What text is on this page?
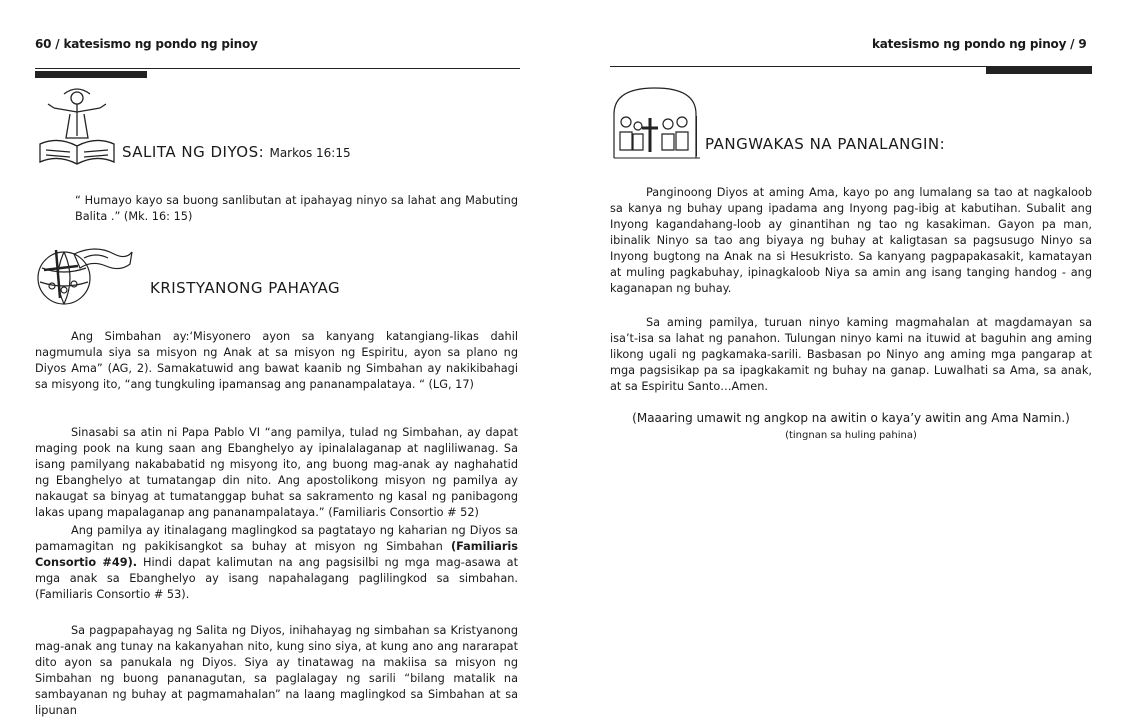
60 / katesismo ng pondo ng pinoy
SALITA NG DIYOS: Markos 16:15

“ Humayo kayo sa buong sanlibutan at ipahayag ninyo sa lahat ang Mabuting Balita .” (Mk. 16: 15)

KRISTYANONG PAHAYAG

Ang Simbahan ay:‘Misyonero ayon sa kanyang katangiang-likas dahil nagmumula siya sa misyon ng Anak at sa misyon ng Espiritu, ayon sa plano ng Diyos Ama” (AG, 2). Samakatuwid ang bawat kaanib ng Simbahan ay nakikibahagi sa misyong ito, “ang tungkuling ipamansag ang pananampalataya. “ (LG, 17)

Sinasabi sa atin ni Papa Pablo VI “ang pamilya, tulad ng Simbahan, ay dapat maging pook na kung saan ang Ebanghelyo ay ipinalalaganap at nagliliwanag. Sa isang pamilyang nakababatid ng misyong ito, ang buong mag-anak ay naghahatid ng Ebanghelyo at tumatangap din nito. Ang apostolikong misyon ng pamilya ay nakaugat sa binyag at tumatanggap buhat sa sakramento ng kasal ng panibagong lakas upang mapalaganap ang pananampalataya.” (Familiaris Consortio # 52)

Ang pamilya ay itinalagang maglingkod sa pagtatayo ng kaharian ng Diyos sa pamamagitan ng pakikisangkot sa buhay at misyon ng Simbahan (Familiaris Consortio #49). Hindi dapat kalimutan na ang pagsisilbi ng mga mag-asawa at mga anak sa Ebanghelyo ay isang napahalagang paglilingkod sa simbahan. (Familiaris Consortio # 53).

Sa pagpapahayag ng Salita ng Diyos, inihahayag ng simbahan sa Kristyanong mag-anak ang tunay na kakanyahan nito, kung sino siya, at kung ano ang nararapat dito ayon sa panukala ng Diyos. Siya ay tinatawag na makiisa sa misyon ng Simbahan ng buong pananagutan, sa paglalagay ng sarili “bilang matalik na sambayanan ng buhay at pagmamahalan” na laang maglingkod sa Simbahan at sa lipunan

katesismo ng pondo ng pinoy / 9
PANGWAKAS NA PANALANGIN:

Panginoong Diyos at aming Ama, kayo po ang lumalang sa tao at nagkaloob sa kanya ng buhay upang ipadama ang Inyong pag-ibig at kabutihan. Subalit ang Inyong kagandahang-loob ay ginantihan ng tao ng kasakiman. Gayon pa man, ibinalik Ninyo sa tao ang biyaya ng buhay at kaligtasan sa pagsusugo Ninyo sa Inyong bugtong na Anak na si Hesukristo. Sa kanyang pagpapakasakit, kamatayan at muling pagkabuhay, ipinagkaloob Niya sa amin ang isang tanging handog - ang kaganapan ng buhay.

Sa aming pamilya, turuan ninyo kaming magmahalan at magdamayan sa isa’t-isa sa lahat ng panahon. Tulungan ninyo kami na ituwid at baguhin ang aming likong ugali ng pagkamaka-sarili. Basbasan po Ninyo ang aming mga pangarap at mga pagsisikap pa sa ipagkakamit ng buhay na ganap. Luwalhati sa Ama, sa anak, at sa Espiritu Santo…Amen.

(Maaaring umawit ng angkop na awitin o kaya’y awitin ang Ama Namin.)

(tingnan sa huling pahina)
